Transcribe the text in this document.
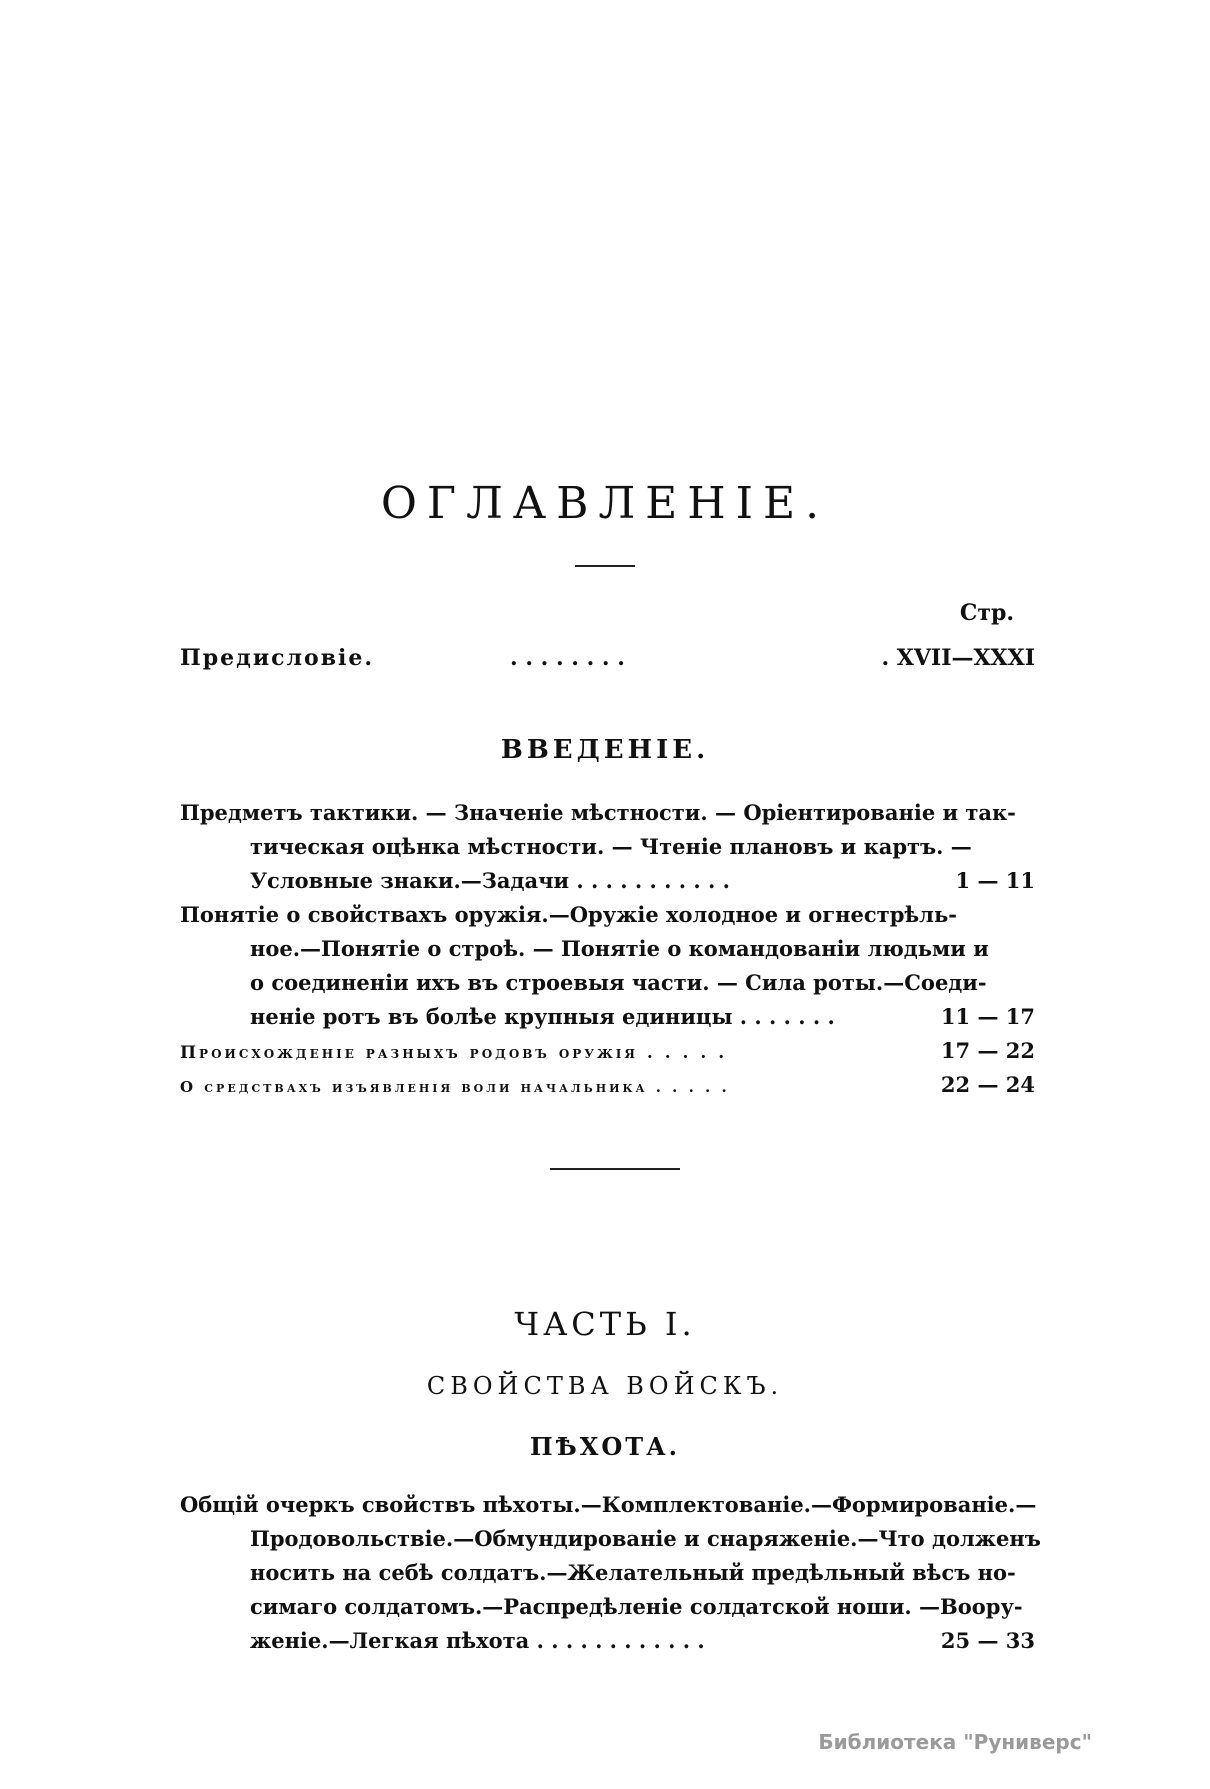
ОГЛАВЛЕНІЕ.
Стр.
Предисловіе.	. . . . . . . .	. XVII—XXXI
ВВЕДЕНІЕ.
Предметъ тактики. — Значеніе мѣстности. — Оріентированіе и так-
тическая оцѣнка мѣстности. — Чтеніе плановъ и картъ. —
Условные знаки.—Задачи . . . . . . . . . . .	1 — 11
Понятіе о свойствахъ оружія.—Оружіе холодное и огнестрѣль-
ное.—Понятіе о строѣ. — Понятіе о командованіи людьми и
о соединеніи ихъ въ строевыя части. — Сила роты.—Соеди-
неніе ротъ въ болѣе крупныя единицы . . . . . . .	11 — 17
Происхожденіе разныхъ родовъ оружія . . . . .	17 — 22
О средствахъ изъявленія воли начальника . . . . .	22 — 24
ЧАСТЬ I.
СВОЙСТВА ВОЙСКЪ.
ПѢХОТА.
Общій очеркъ свойствъ пѣхоты.—Комплектованіе.—Формированіе.—
Продовольствіе.—Обмундированіе и снаряженіе.—Что долженъ
носить на себѣ солдатъ.—Желательный предѣльный вѣсъ но-
симаго солдатомъ.—Распредѣленіе солдатской ноши. —Воору-
женіе.—Легкая пѣхота . . . . . . . . . . . .	25 — 33
Библиотека "Руниверс"
